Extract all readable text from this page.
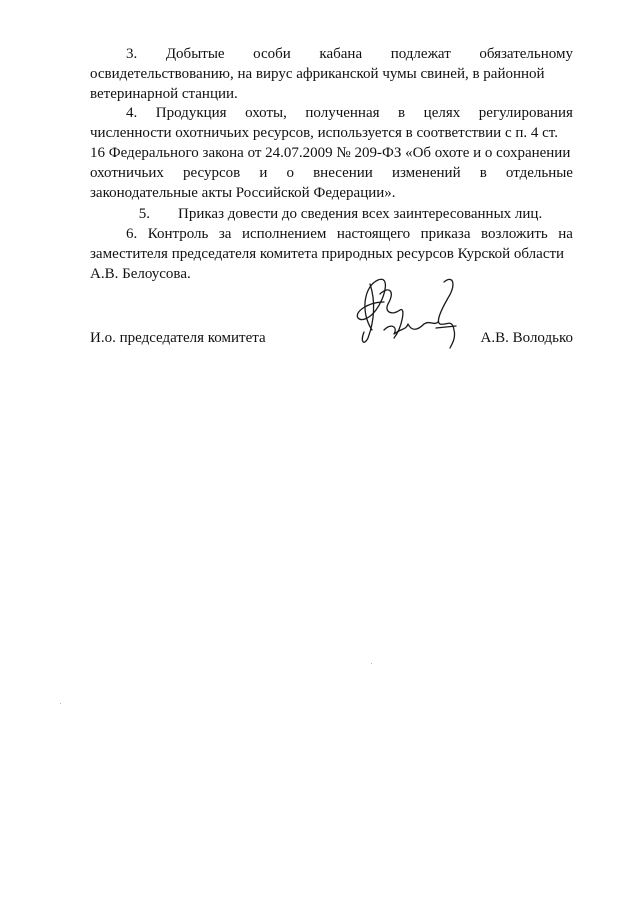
3. Добытые особи кабана подлежат обязательному
освидетельствованию, на вирус африканской чумы свиней, в районной
ветеринарной станции.
4. Продукция охоты, полученная в целях регулирования
численности охотничьих ресурсов, используется в соответствии с п. 4 ст.
16 Федерального закона от 24.07.2009 № 209-ФЗ «Об охоте и о сохранении
охотничьих ресурсов и о внесении изменений в отдельные
законодательные акты Российской Федерации».
5.	Приказ довести до сведения всех заинтересованных лиц.
6. Контроль за исполнением настоящего приказа возложить на
заместителя председателя комитета природных ресурсов Курской области
А.В. Белоусова.
И.о. председателя комитета	А.В. Володько
